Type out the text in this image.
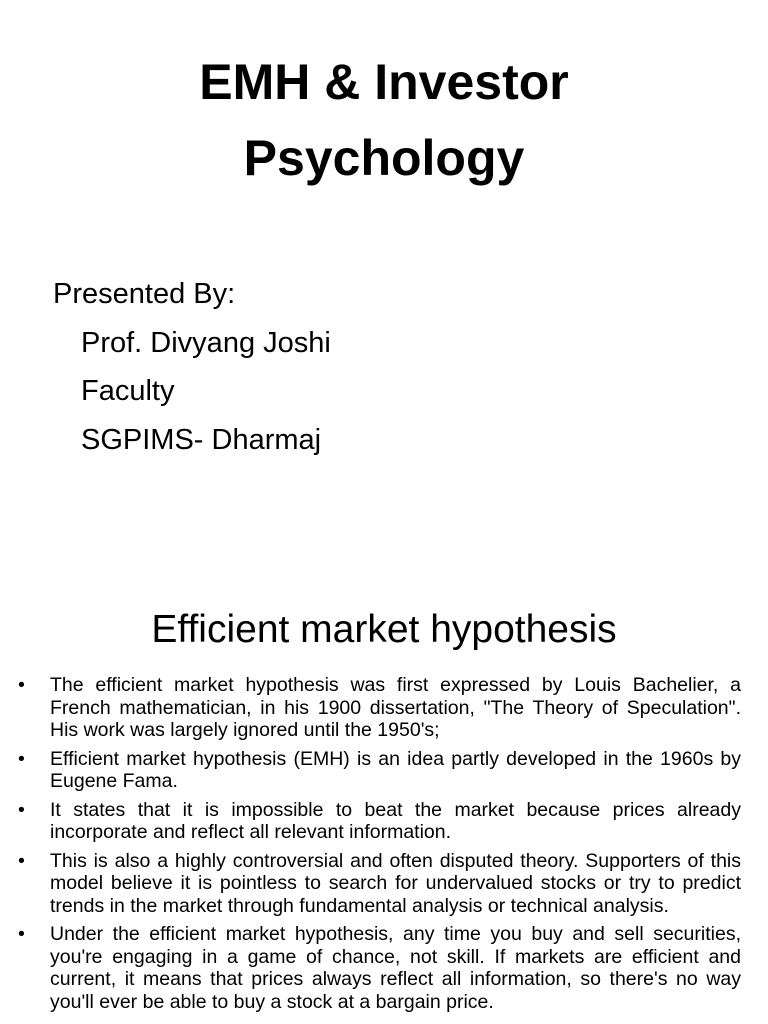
EMH & Investor
Psychology

Presented By:

Prof. Divyang Joshi

Faculty

SGPIMS- Dharmaj

Efficient market hypothesis
• The efficient market hypothesis was first expressed by Louis Bachelier, a French mathematician, in his 1900 dissertation, "The Theory of Speculation". His work was largely ignored until the 1950's;
• Efficient market hypothesis (EMH) is an idea partly developed in the 1960s by Eugene Fama.
• It states that it is impossible to beat the market because prices already incorporate and reflect all relevant information.
• This is also a highly controversial and often disputed theory. Supporters of this model believe it is pointless to search for undervalued stocks or try to predict trends in the market through fundamental analysis or technical analysis.
• Under the efficient market hypothesis, any time you buy and sell securities, you're engaging in a game of chance, not skill. If markets are efficient and current, it means that prices always reflect all information, so there's no way you'll ever be able to buy a stock at a bargain price.
